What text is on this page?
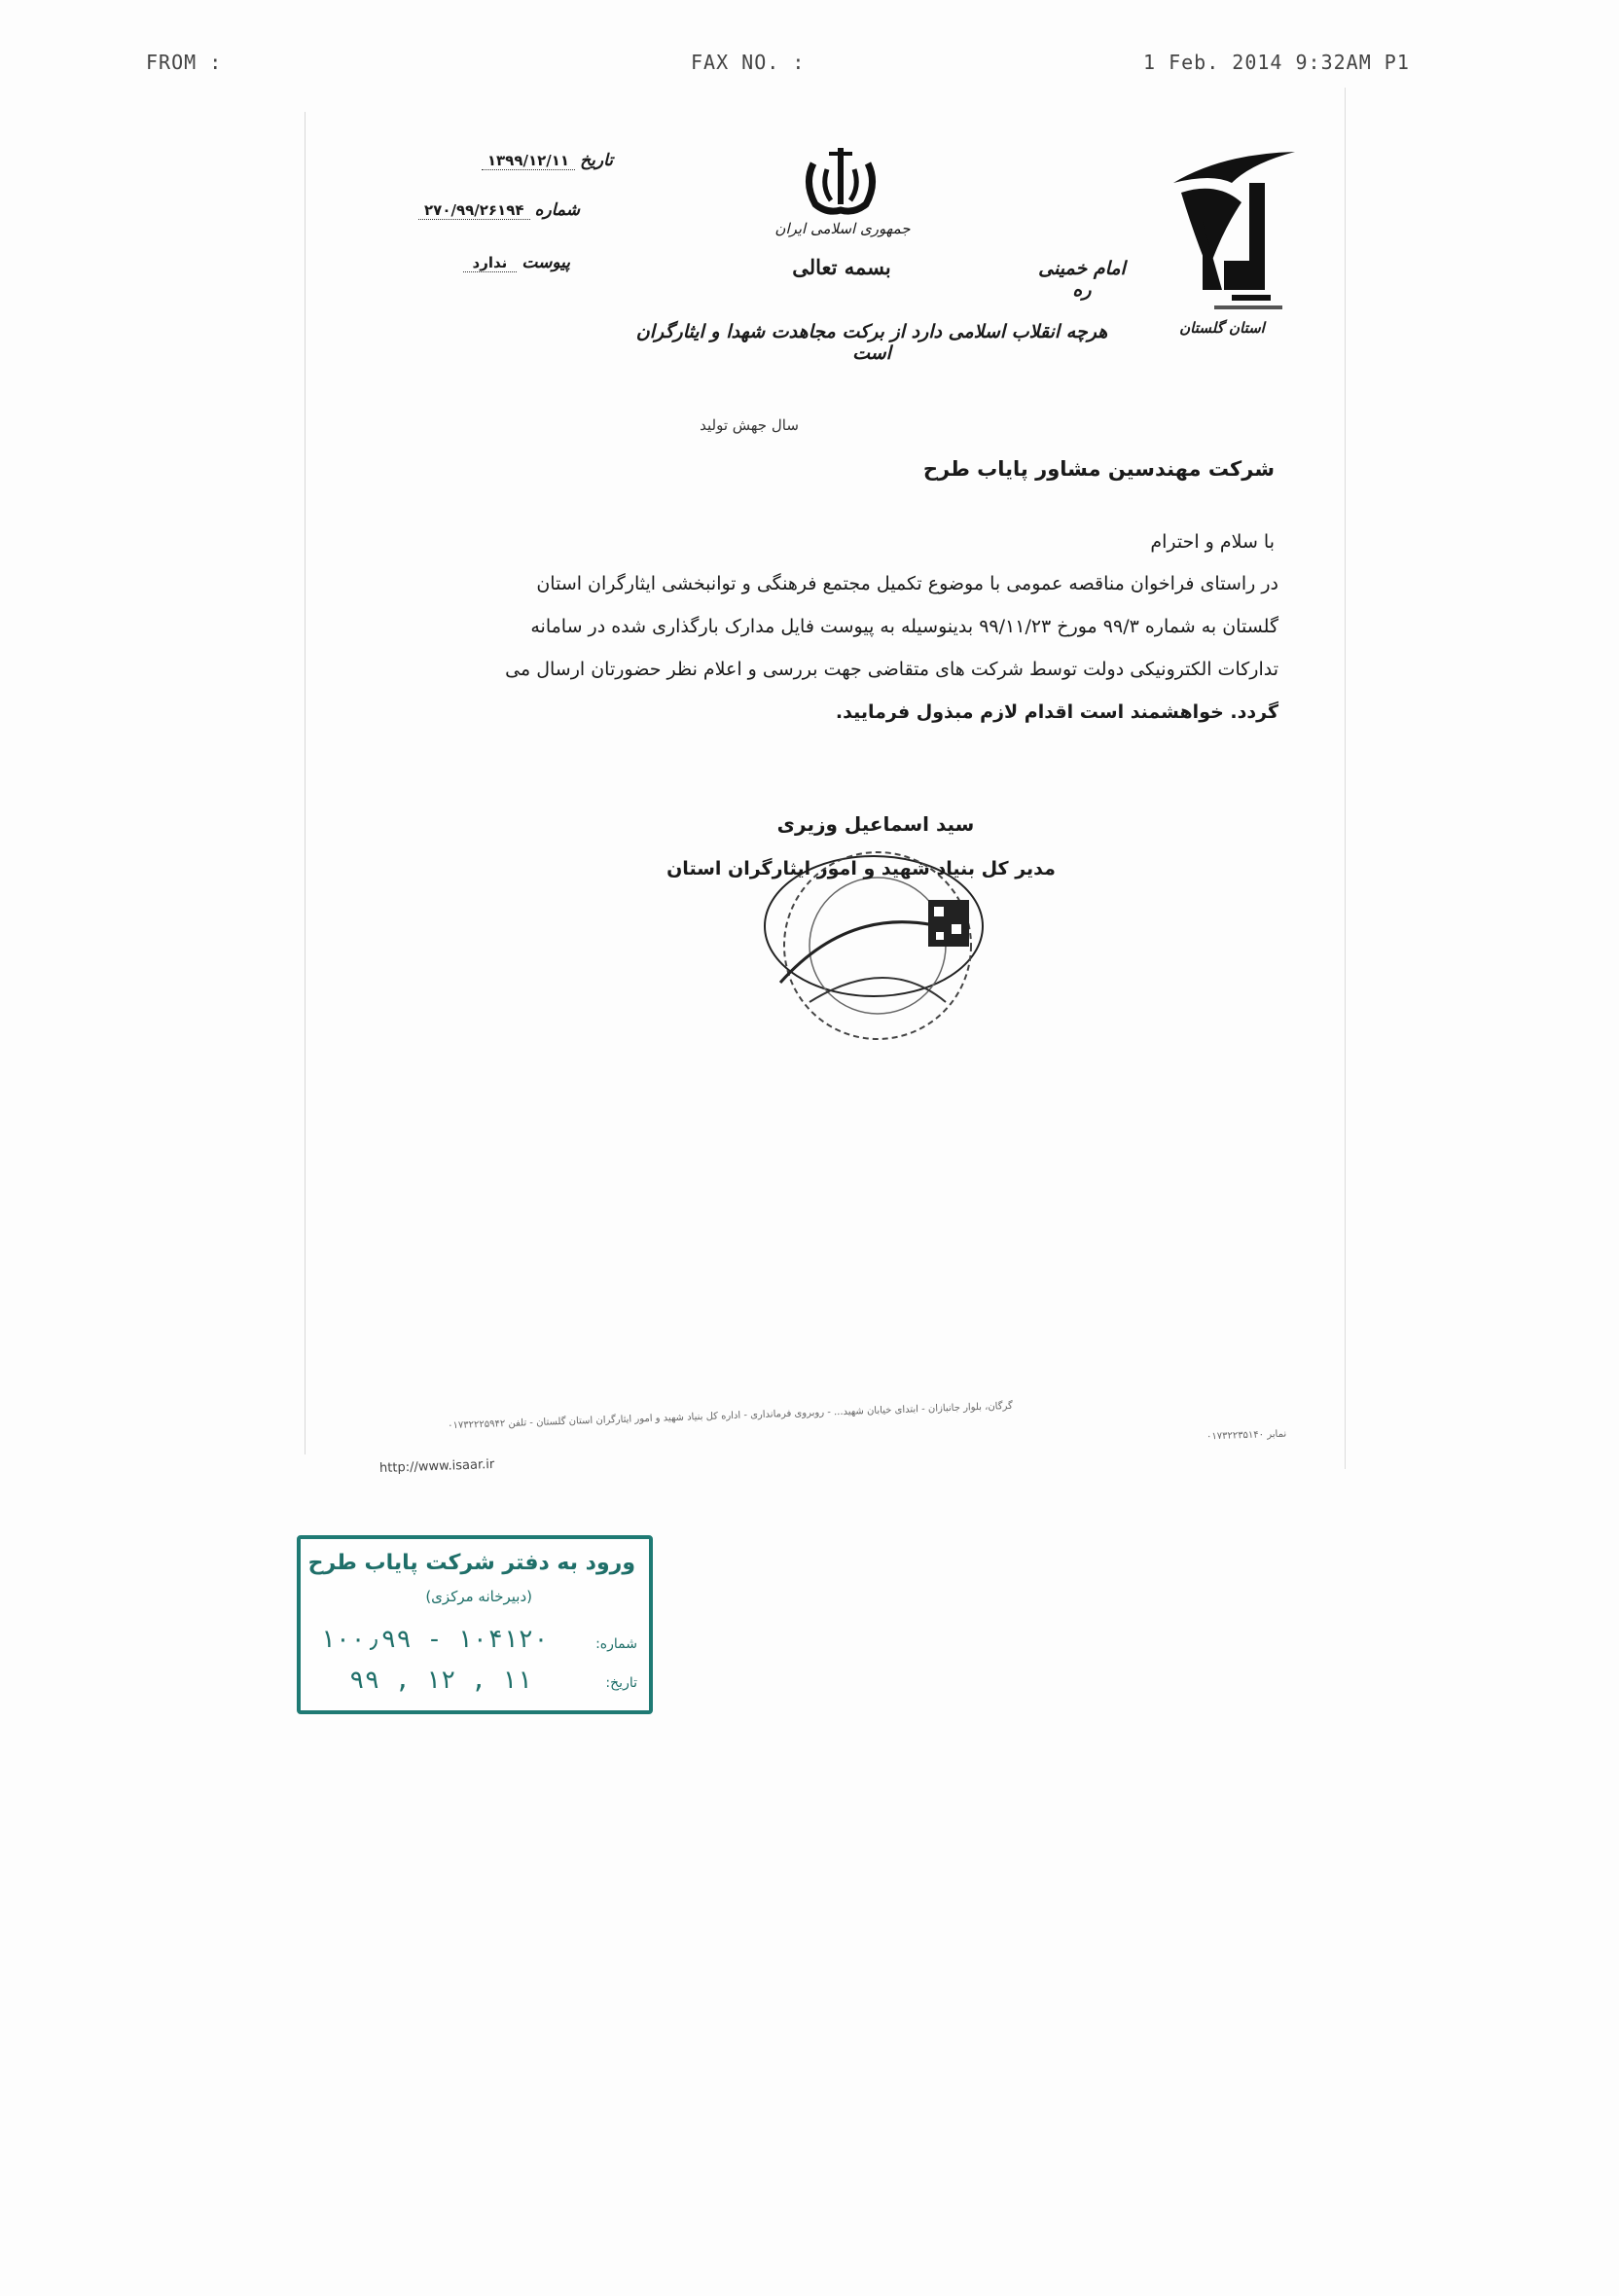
FROM :	FAX NO. :	1 Feb. 2014 9:32AM P1
جمهوری اسلامی ایران
بسمه تعالی
استان گلستان
امام خمینی ره
تاریخ ۱۳۹۹/۱۲/۱۱
شماره ۲۷۰/۹۹/۲۶۱۹۴
پیوست ندارد
هرچه انقلاب اسلامی دارد از برکت مجاهدت شهدا و ایثارگران است
سال جهش تولید
شرکت مهندسین مشاور پایاب طرح
با سلام و احترام
در راستای فراخوان مناقصه عمومی با موضوع تکمیل مجتمع فرهنگی و توانبخشی ایثارگران استان
گلستان به شماره ۹۹/۳ مورخ ۹۹/۱۱/۲۳ بدینوسیله به پیوست فایل مدارک بارگذاری شده در سامانه
تدارکات الکترونیکی دولت توسط شرکت های متقاضی جهت بررسی و اعلام نظر حضورتان ارسال می
گردد. خواهشمند است اقدام لازم مبذول فرمایید.
سید اسماعیل وزیری
مدیر کل بنیاد شهید و امور ایثارگران استان
گرگان، بلوار جانبازان - ابتدای خیابان شهید... - روبروی فرمانداری - اداره کل بنیاد شهید و امور ایثارگران استان گلستان - تلفن ۰۱۷۳۲۲۲۵۹۴۲
نمابر ۰۱۷۳۲۲۳۵۱۴۰
http://www.isaar.ir
ورود به دفتر شرکت پایاب طرح
(دبیرخانه مرکزی)
شماره:
۱۰۰٫۹۹ - ۱۰۴۱۲۰
تاریخ:
۹۹ , ۱۲ , ۱۱
